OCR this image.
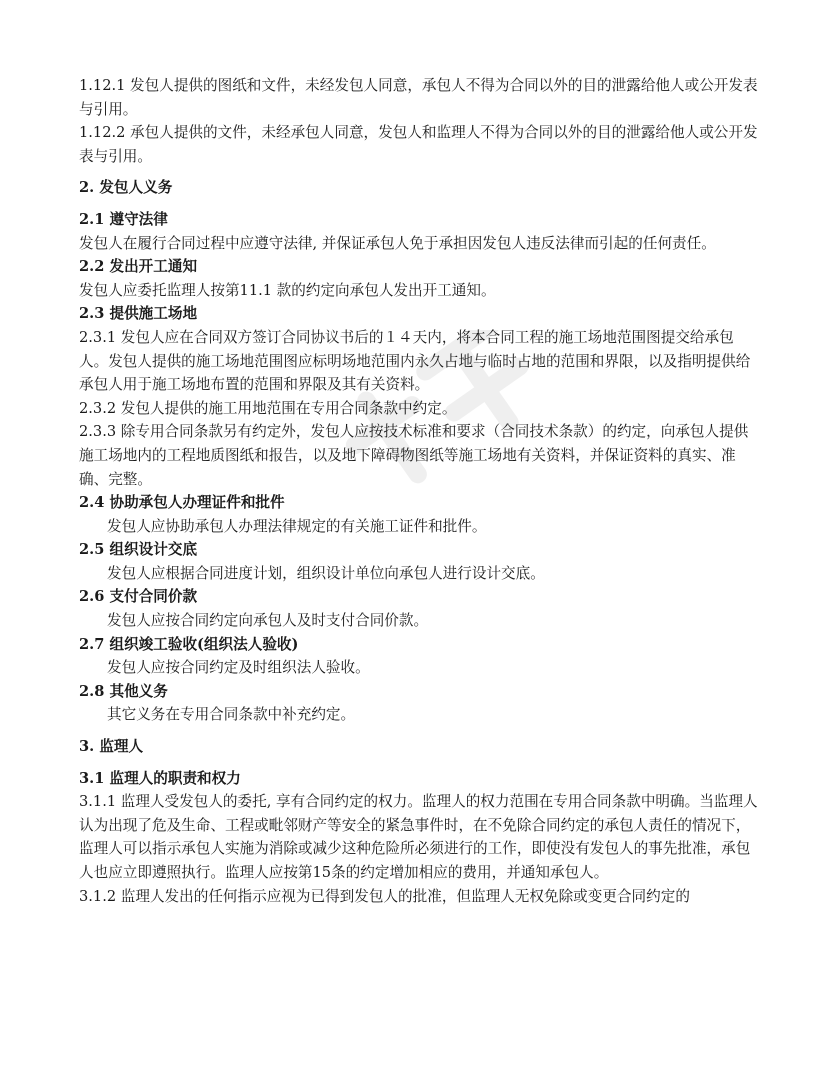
1.12.1 发包人提供的图纸和文件，未经发包人同意，承包人不得为合同以外的目的泄露给他人或公开发表与引用。

1.12.2 承包人提供的文件，未经承包人同意，发包人和监理人不得为合同以外的目的泄露给他人或公开发表与引用。

2. 发包人义务

2.1 遵守法律

发包人在履行合同过程中应遵守法律, 并保证承包人免于承担因发包人违反法律而引起的任何责任。

2.2 发出开工通知

发包人应委托监理人按第11.1 款的约定向承包人发出开工通知。

2.3 提供施工场地

2.3.1 发包人应在合同双方签订合同协议书后的１４天内，将本合同工程的施工场地范围图提交给承包人。发包人提供的施工场地范围图应标明场地范围内永久占地与临时占地的范围和界限，以及指明提供给承包人用于施工场地布置的范围和界限及其有关资料。

2.3.2 发包人提供的施工用地范围在专用合同条款中约定。

2.3.3 除专用合同条款另有约定外，发包人应按技术标准和要求（合同技术条款）的约定，向承包人提供施工场地内的工程地质图纸和报告，以及地下障碍物图纸等施工场地有关资料，并保证资料的真实、准确、完整。

2.4 协助承包人办理证件和批件

发包人应协助承包人办理法律规定的有关施工证件和批件。

2.5 组织设计交底

发包人应根据合同进度计划，组织设计单位向承包人进行设计交底。

2.6 支付合同价款

发包人应按合同约定向承包人及时支付合同价款。

2.7 组织竣工验收(组织法人验收)

发包人应按合同约定及时组织法人验收。

2.8 其他义务

其它义务在专用合同条款中补充约定。

3. 监理人

3.1 监理人的职责和权力

3.1.1 监理人受发包人的委托, 享有合同约定的权力。监理人的权力范围在专用合同条款中明确。当监理人认为出现了危及生命、工程或毗邻财产等安全的紧急事件时，在不免除合同约定的承包人责任的情况下，监理人可以指示承包人实施为消除或减少这种危险所必须进行的工作，即使没有发包人的事先批准，承包人也应立即遵照执行。监理人应按第15条的约定增加相应的费用，并通知承包人。

3.1.2 监理人发出的任何指示应视为已得到发包人的批准，但监理人无权免除或变更合同约定的
